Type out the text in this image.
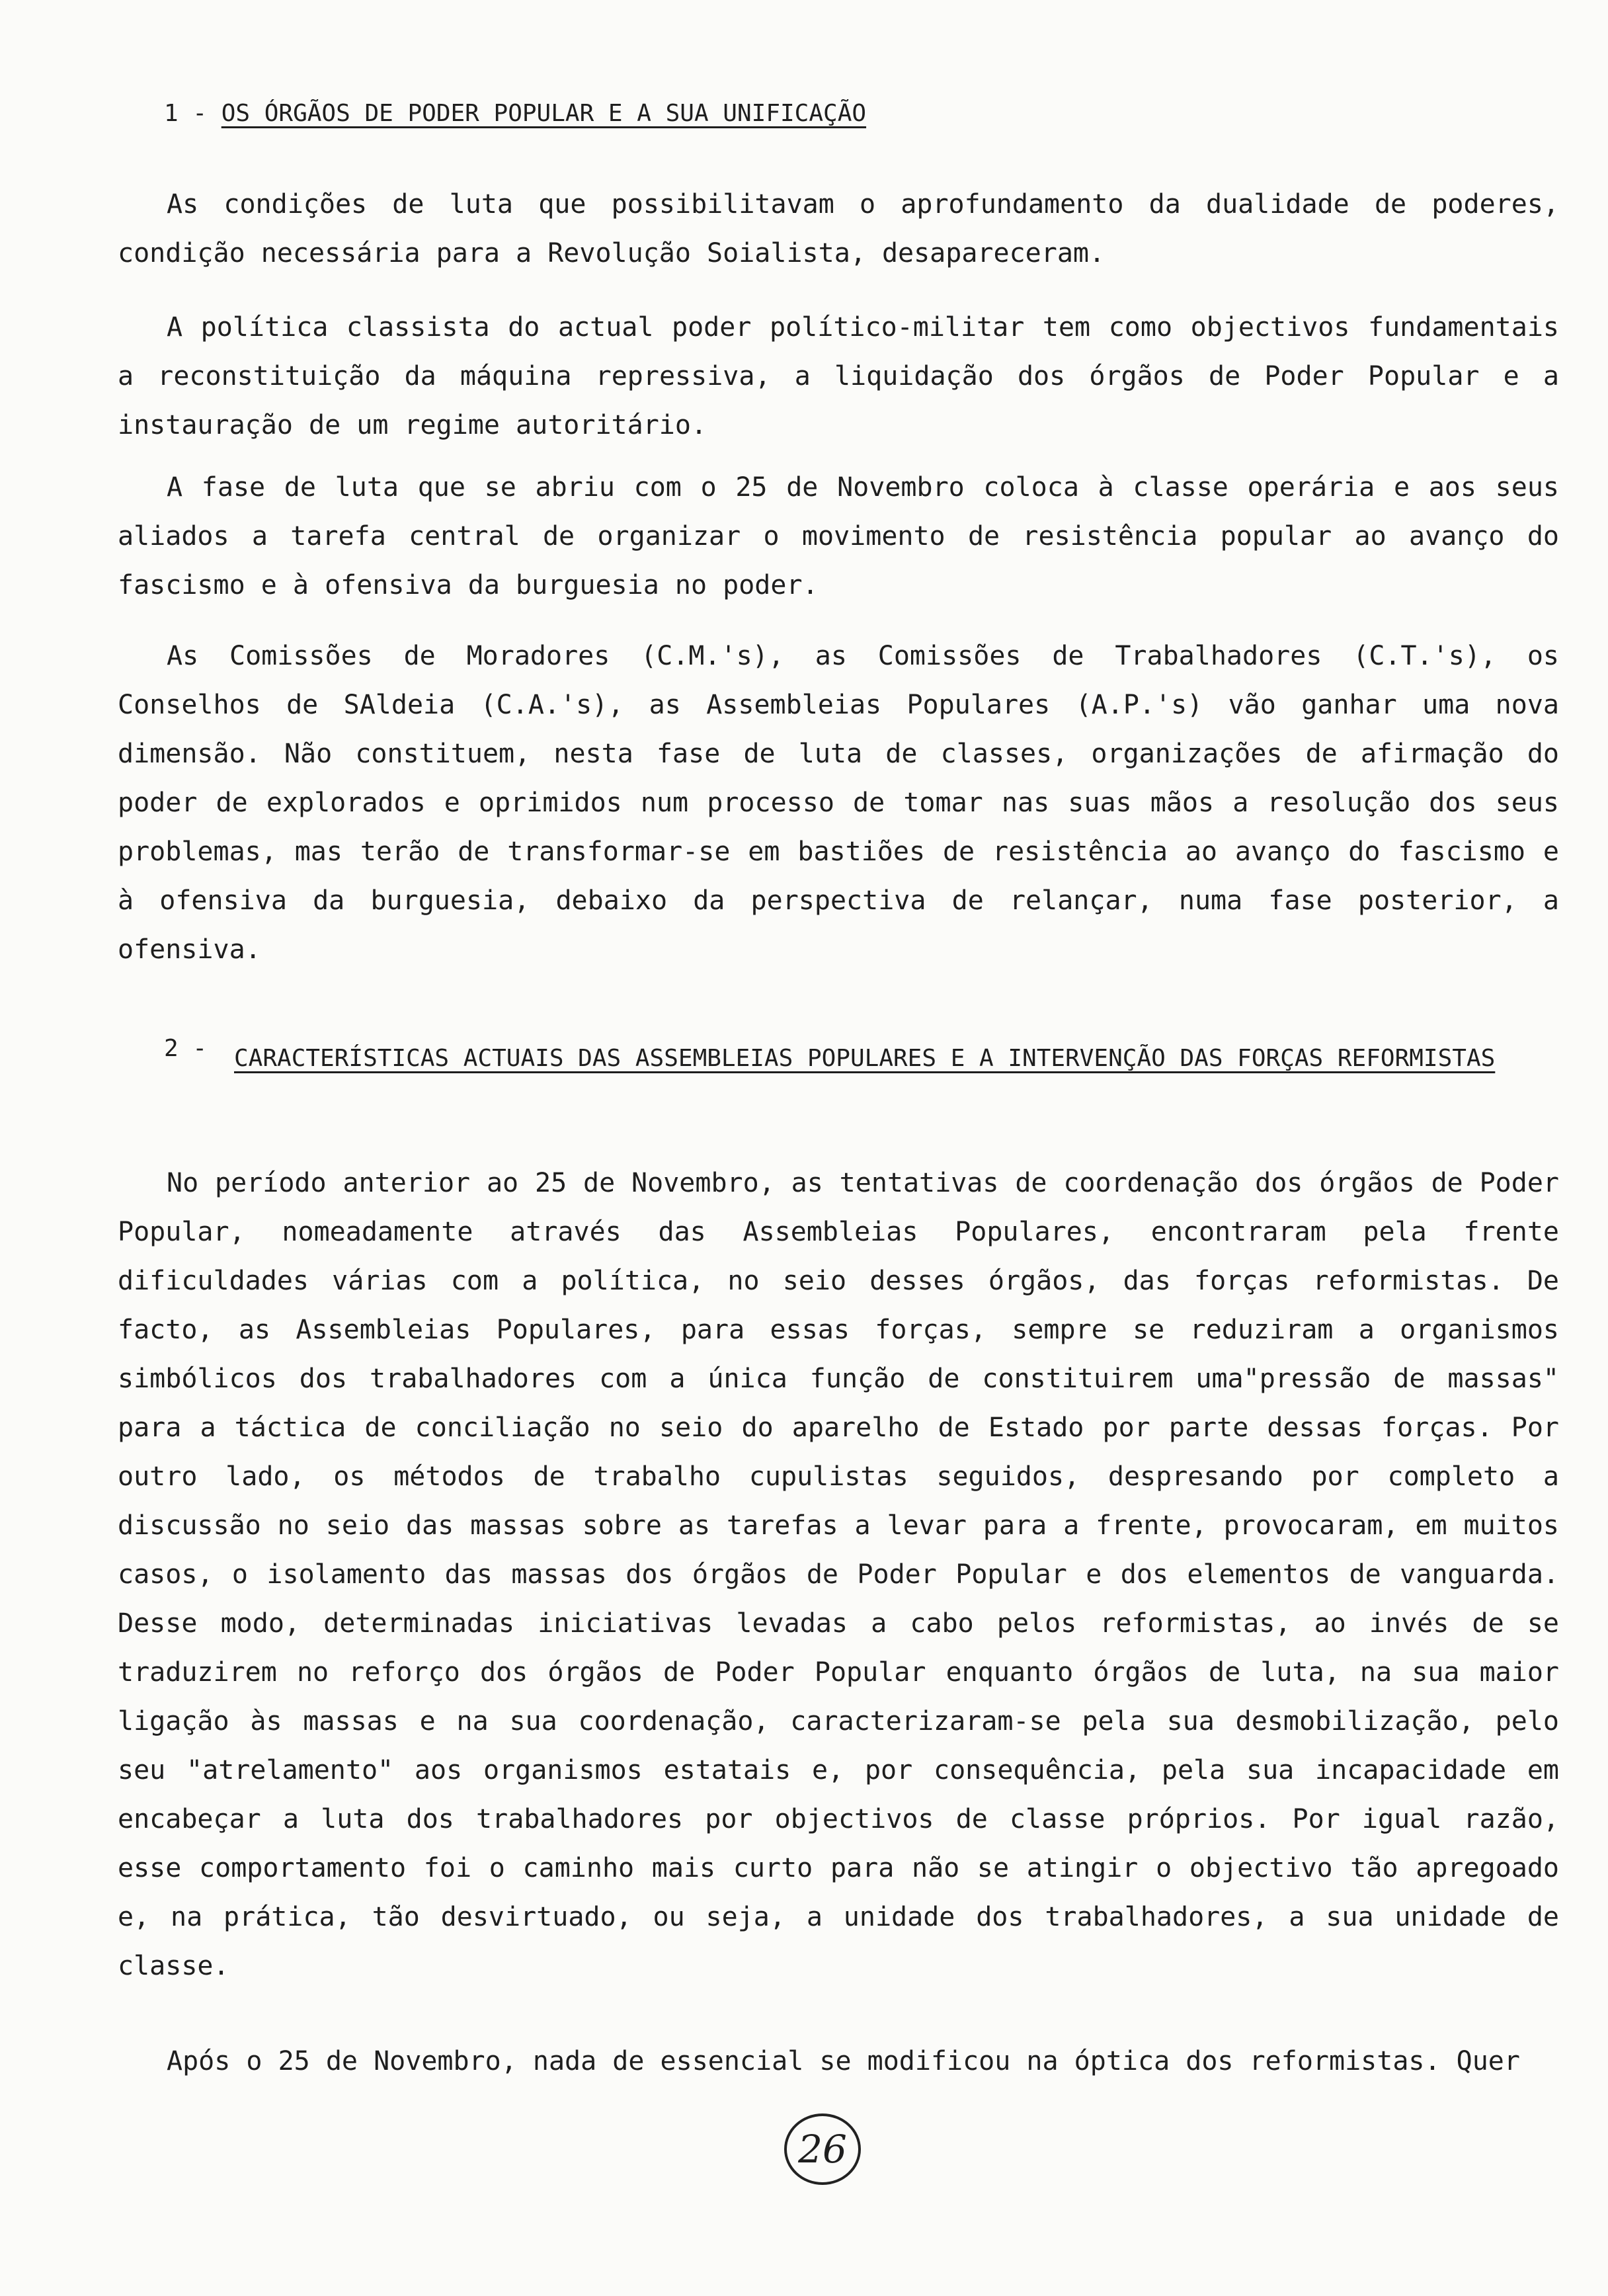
1 - OS ÓRGÃOS DE PODER POPULAR E A SUA UNIFICAÇÃO

As condições de luta que possibilitavam o aprofundamento da dualidade de poderes, condição necessária para a Revolução Soialista, desapareceram.

A política classista do actual poder político-militar tem como objectivos fundamentais a reconstituição da máquina repressiva, a liquidação dos órgãos de Poder Popular e a instauração de um regime autoritário.

A fase de luta que se abriu com o 25 de Novembro coloca à classe operária e aos seus aliados a tarefa central de organizar o movimento de resistência popular ao avanço do fascismo e à ofensiva da burguesia no poder.

As Comissões de Moradores (C.M.'s), as Comissões de Trabalhadores (C.T.'s), os Conselhos de SAldeia (C.A.'s), as Assembleias Populares (A.P.'s) vão ganhar uma nova dimensão. Não constituem, nesta fase de luta de classes, organizações de afirmação do poder de explorados e oprimidos num processo de tomar nas suas mãos a resolução dos seus problemas, mas terão de transformar-se em bastiões de resistência ao avanço do fascismo e à ofensiva da burguesia, debaixo da perspectiva de relançar, numa fase posterior, a ofensiva.

2 - CARACTERÍSTICAS ACTUAIS DAS ASSEMBLEIAS POPULARES E A INTERVENÇÃO DAS FORÇAS REFORMISTAS

No período anterior ao 25 de Novembro, as tentativas de coordenação dos órgãos de Poder Popular, nomeadamente através das Assembleias Populares, encontraram pela frente dificuldades várias com a política, no seio desses órgãos, das forças reformistas. De facto, as Assembleias Populares, para essas forças, sempre se reduziram a organismos simbólicos dos trabalhadores com a única função de constituirem uma"pressão de massas" para a táctica de conciliação no seio do aparelho de Estado por parte dessas forças. Por outro lado, os métodos de trabalho cupulistas seguidos, despresando por completo a discussão no seio das massas sobre as tarefas a levar para a frente, provocaram, em muitos casos, o isolamento das massas dos órgãos de Poder Popular e dos elementos de vanguarda. Desse modo, determinadas iniciativas levadas a cabo pelos reformistas, ao invés de se traduzirem no reforço dos órgãos de Poder Popular enquanto órgãos de luta, na sua maior ligação às massas e na sua coordenação, caracterizaram-se pela sua desmobilização, pelo seu "atrelamento" aos organismos estatais e, por consequência, pela sua incapacidade em encabeçar a luta dos trabalhadores por objectivos de classe próprios. Por igual razão, esse comportamento foi o caminho mais curto para não se atingir o objectivo tão apregoado e, na prática, tão desvirtuado, ou seja, a unidade dos trabalhadores, a sua unidade de classe.

Após o 25 de Novembro, nada de essencial se modificou na óptica dos reformistas. Quer

26
